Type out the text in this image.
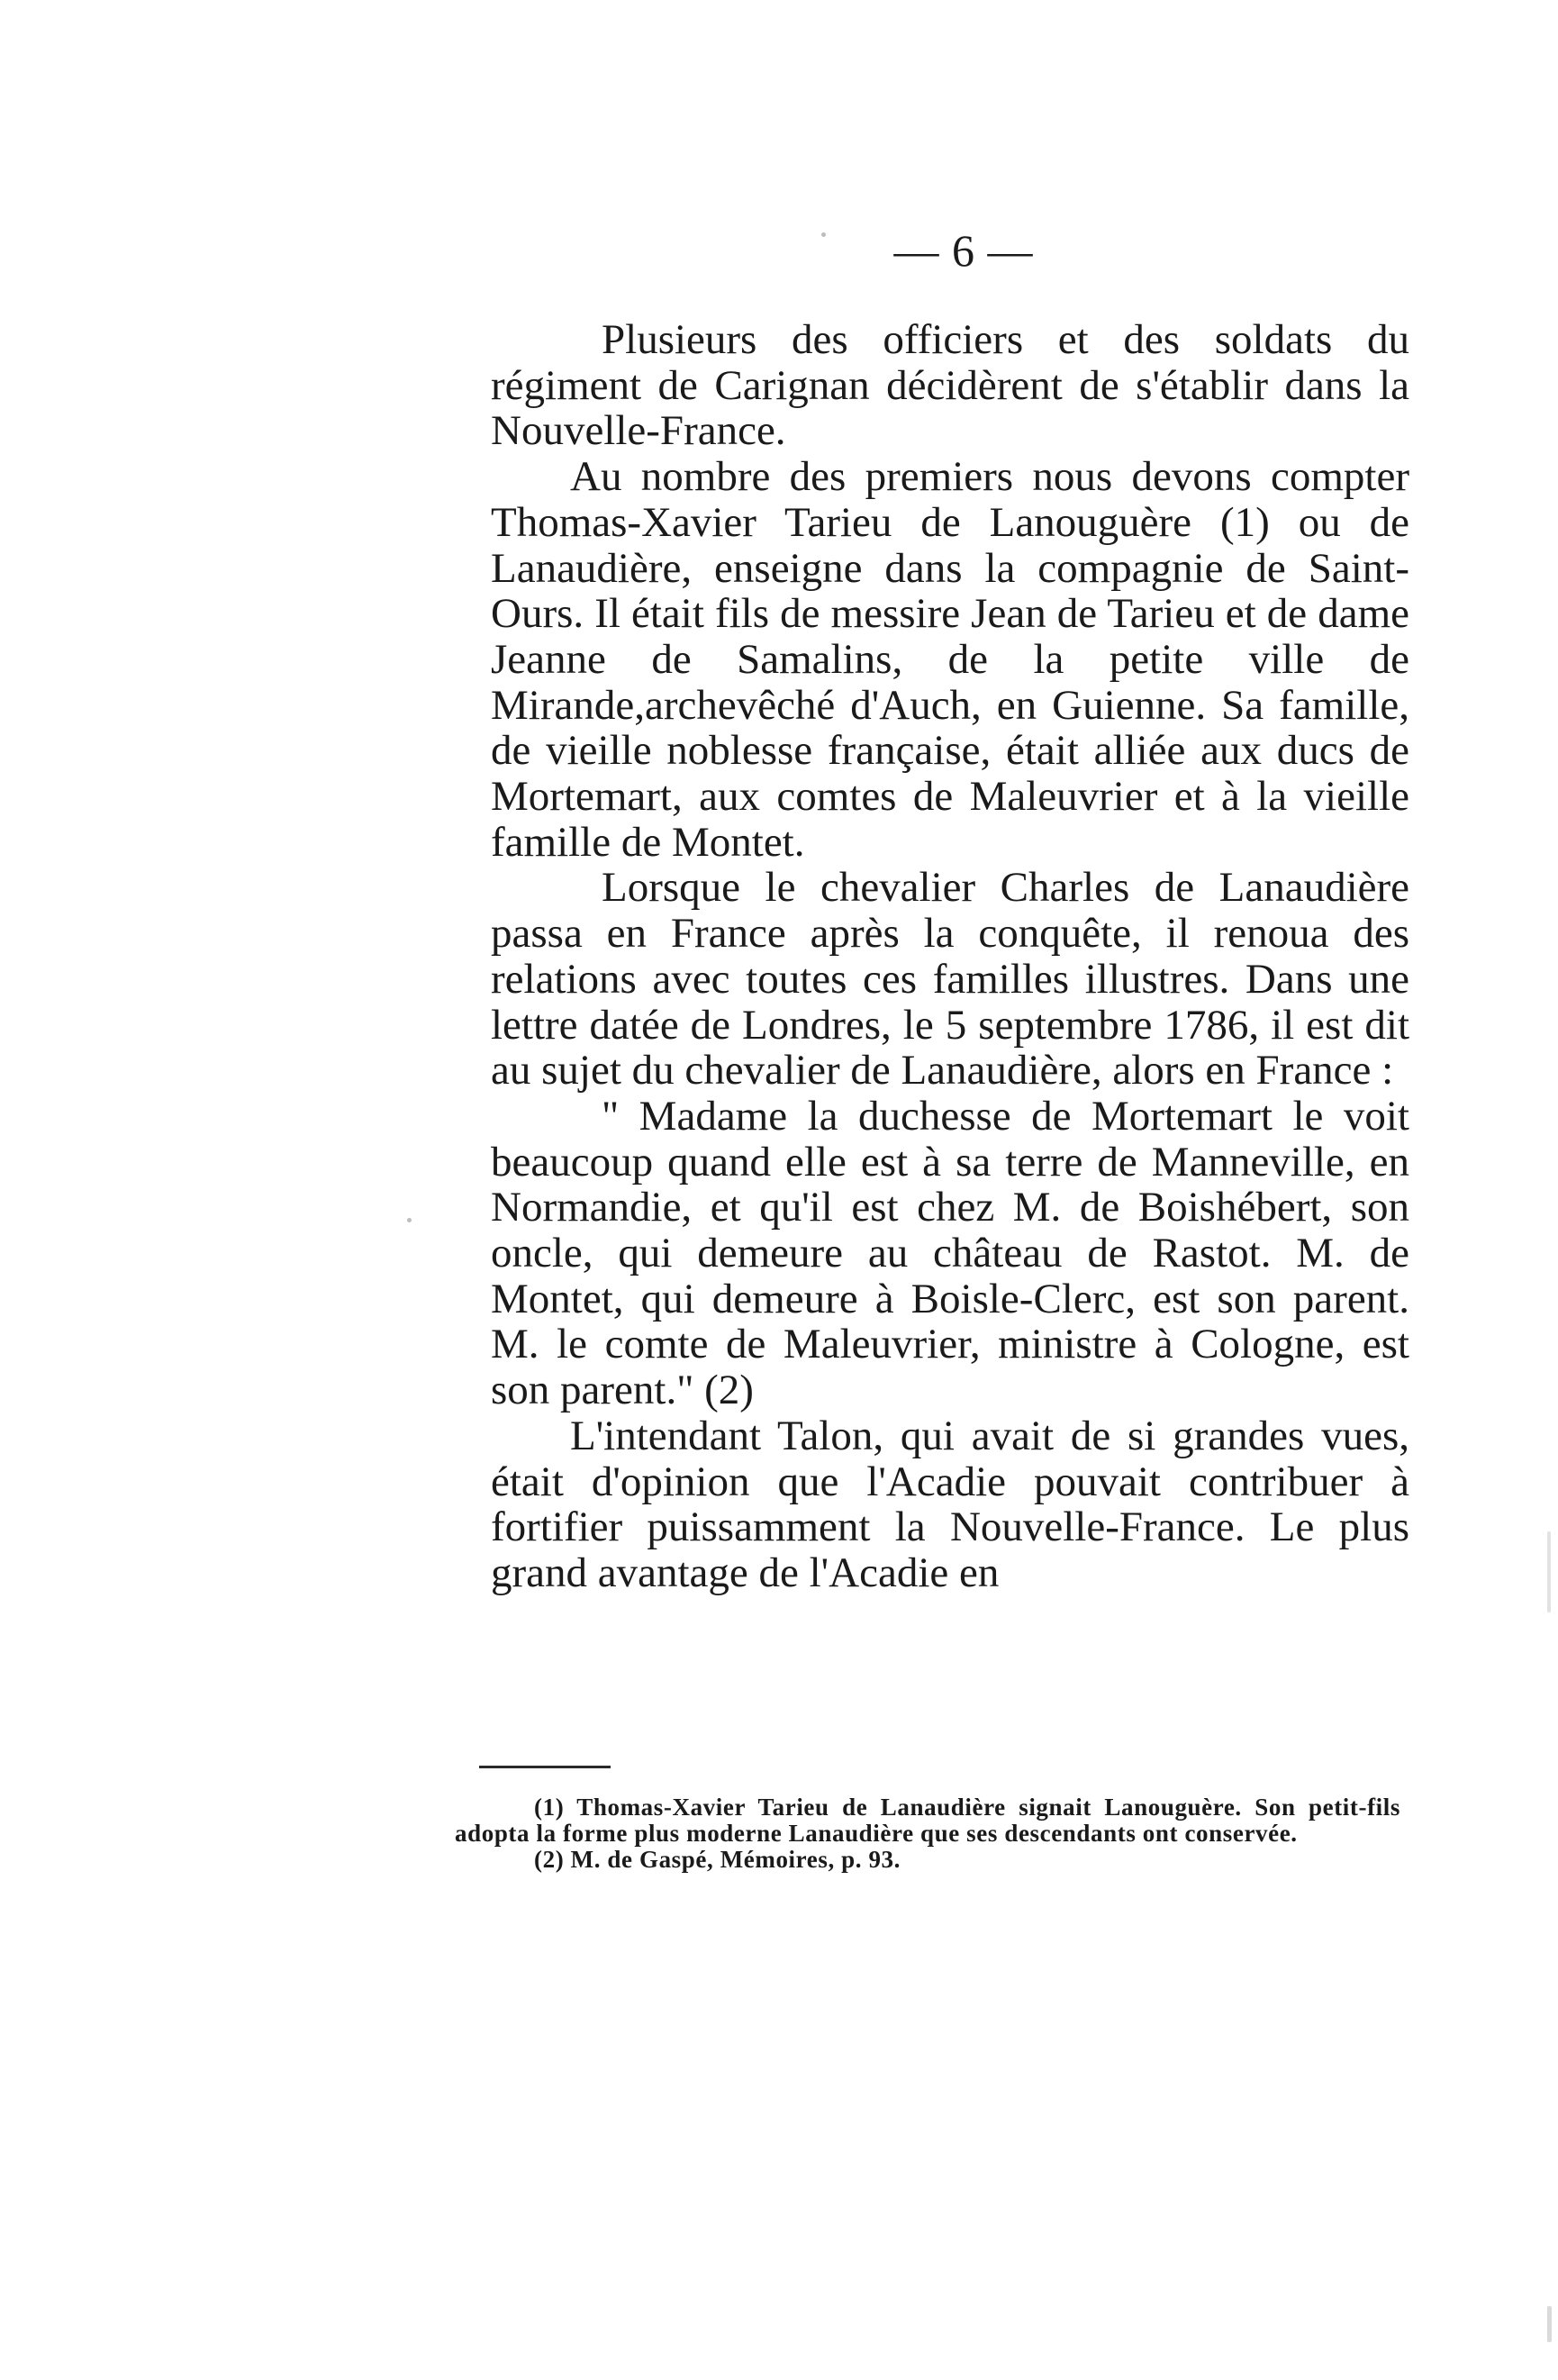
— 6 —

Plusieurs des officiers et des soldats du régiment de Carignan décidèrent de s'établir dans la Nouvelle-France.

Au nombre des premiers nous devons compter Thomas-Xavier Tarieu de Lanouguère (1) ou de Lanaudière, enseigne dans la compagnie de Saint-Ours. Il était fils de messire Jean de Tarieu et de dame Jeanne de Samalins, de la petite ville de Mirande,archevêché d'Auch, en Guienne. Sa famille, de vieille noblesse française, était alliée aux ducs de Mortemart, aux comtes de Maleuvrier et à la vieille famille de Montet.

Lorsque le chevalier Charles de Lanaudière passa en France après la conquête, il renoua des relations avec toutes ces familles illustres. Dans une lettre datée de Londres, le 5 septembre 1786, il est dit au sujet du chevalier de Lanaudière, alors en France :

" Madame la duchesse de Mortemart le voit beaucoup quand elle est à sa terre de Manneville, en Normandie, et qu'il est chez M. de Boishébert, son oncle, qui demeure au château de Rastot. M. de Montet, qui demeure à Boisle-Clerc, est son parent. M. le comte de Maleuvrier, ministre à Cologne, est son parent." (2)

L'intendant Talon, qui avait de si grandes vues, était d'opinion que l'Acadie pouvait contribuer à fortifier puissamment la Nouvelle-France. Le plus grand avantage de l'Acadie en

(1) Thomas-Xavier Tarieu de Lanaudière signait Lanouguère. Son petit-fils adopta la forme plus moderne Lanaudière que ses descendants ont conservée.

(2) M. de Gaspé, Mémoires, p. 93.
